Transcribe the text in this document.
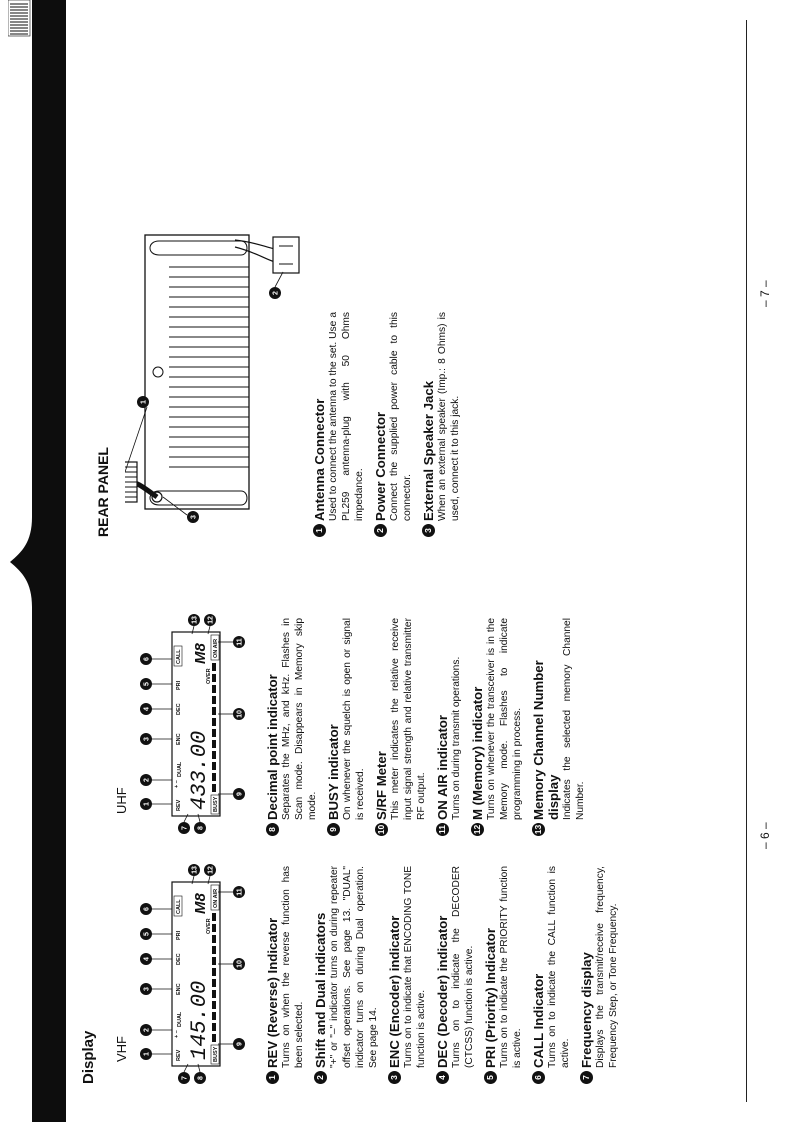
Display VHF
UHF
1
2
3
4
5
6
7 8
9
10
11
12
13
REV
+ –
DUAL
ENC
DEC
PRI
CALL
OVER
BUSY
ON AIR
145.00
M8
1
2
3
4
5
6
7 8
9
10
11
12
13
REV
+ –
DUAL
ENC
DEC
PRI
CALL
OVER
BUSY
ON AIR
433.00
M8
1
REV (Reverse) Indicator Turns on when the reverse function has been selected.
2
Shift and Dual indicators "+" or "–" indicator turns on during repeater offset operations. See page 13. "DUAL" indicator turns on during Dual operation. See page 14.
3
ENC (Encoder) indicator Turns on to indicate that ENCODING TONE function is active.
4
DEC (Decoder) indicator Turns on to indicate the DECODER (CTCSS) function is active.
5
PRI (Priority) Indicator Turns on to indicate the PRIORITY function is active.
6
CALL Indicator Turns on to indicate the CALL function is active.
7
Frequency display Displays the transmit/receive frequency, Frequency Step, or Tone Frequency.
8
Decimal point indicator Separates the MHz, and kHz. Flashes in Scan mode. Disappears in Memory skip mode.
9
BUSY indicator On whenever the squelch is open or signal is received.
10
S/RF Meter This meter indicates the relative receive input signal strength and relative transmitter RF output.
11
ON AIR indicator Turns on during transmit operations.
12
M (Memory) indicator Turns on whenever the transceiver is in the Memory mode. Flashes to indicate programming in process.
13
Memory Channel Number display Indicates the selected memory Channel Number.
– 6 –
REAR PANEL
1
2
3
1
Antenna Connector Used to connect the antenna to the set. Use a PL259 antenna-plug with 50 Ohms impedance.
2
Power Connector Connect the supplied power cable to this connector.
3
External Speaker Jack When an external speaker (Imp.: 8 Ohms) is used, connect it to this jack.
– 7 –
